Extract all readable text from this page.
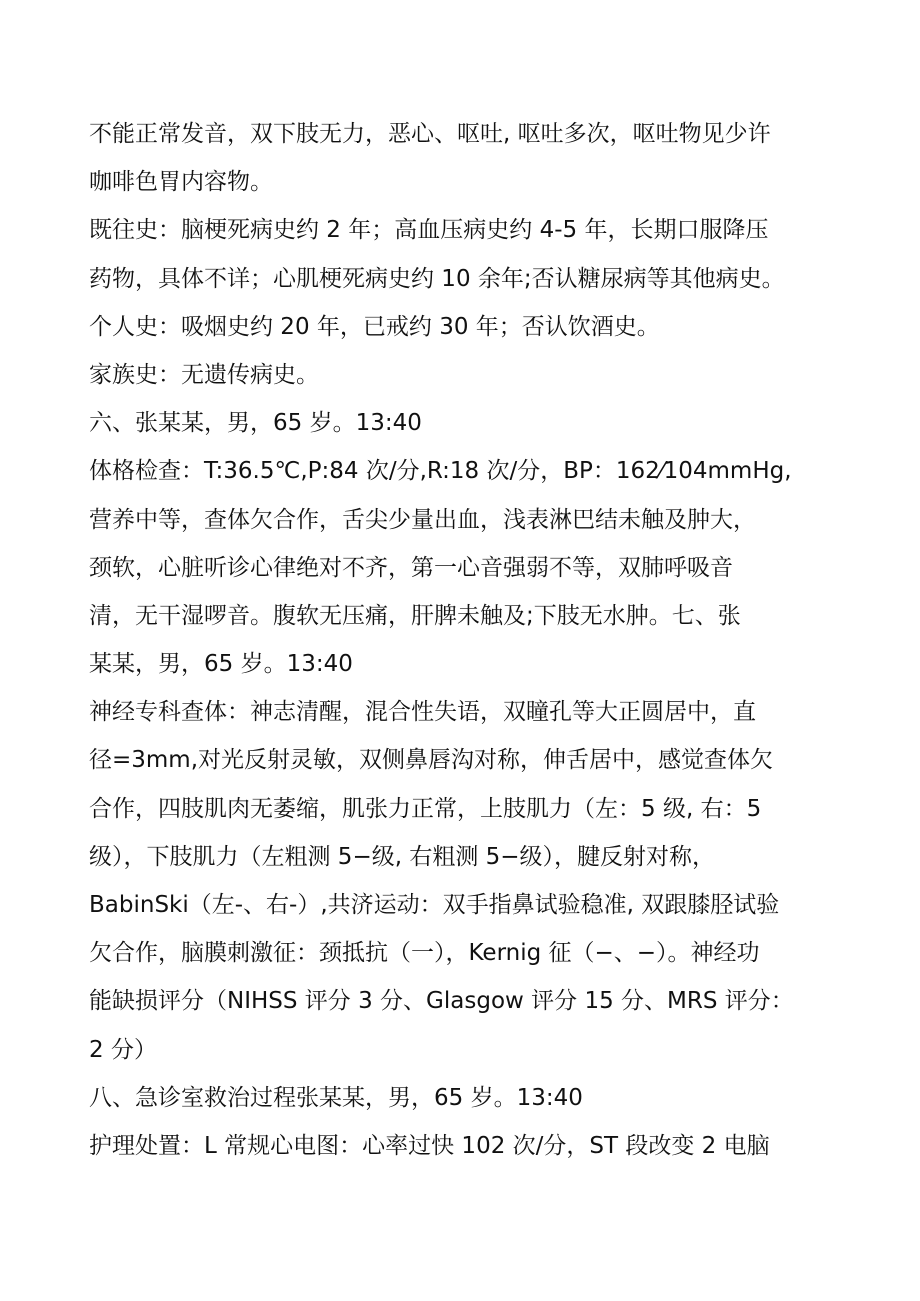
不能正常发音，双下肢无力，恶心、呕吐, 呕吐多次，呕吐物见少许
咖啡色胃内容物。
既往史：脑梗死病史约 2 年；高血压病史约 4-5 年，长期口服降压
药物，具体不详；心肌梗死病史约 10 余年;否认糖尿病等其他病史。
个人史：吸烟史约 20 年，已戒约 30 年；否认饮酒史。
家族史：无遗传病史。
六、张某某，男，65 岁。13:40
体格检查：T:36.5℃,P:84 次/分,R:18 次/分，BP：162⁄104mmHg,
营养中等，查体欠合作，舌尖少量出血，浅表淋巴结未触及肿大，
颈软，心脏听诊心律绝对不齐，第一心音强弱不等，双肺呼吸音
清，无干湿啰音。腹软无压痛，肝脾未触及;下肢无水肿。七、张
某某，男，65 岁。13:40
神经专科查体：神志清醒，混合性失语，双瞳孔等大正圆居中，直
径=3mm,对光反射灵敏，双侧鼻唇沟对称，伸舌居中，感觉查体欠
合作，四肢肌肉无萎缩，肌张力正常，上肢肌力（左：5 级, 右：5
级），下肢肌力（左粗测 5−级, 右粗测 5−级），腱反射对称，
BabinSki（左-、右-）,共济运动：双手指鼻试验稳准, 双跟膝胫试验
欠合作，脑膜刺激征：颈抵抗（一），Kernig 征（−、−）。神经功
能缺损评分（NIHSS 评分 3 分、Glasgow 评分 15 分、MRS 评分：
2 分）
八、急诊室救治过程张某某，男，65 岁。13:40
护理处置：L 常规心电图：心率过快 102 次/分，ST 段改变 2 电脑
